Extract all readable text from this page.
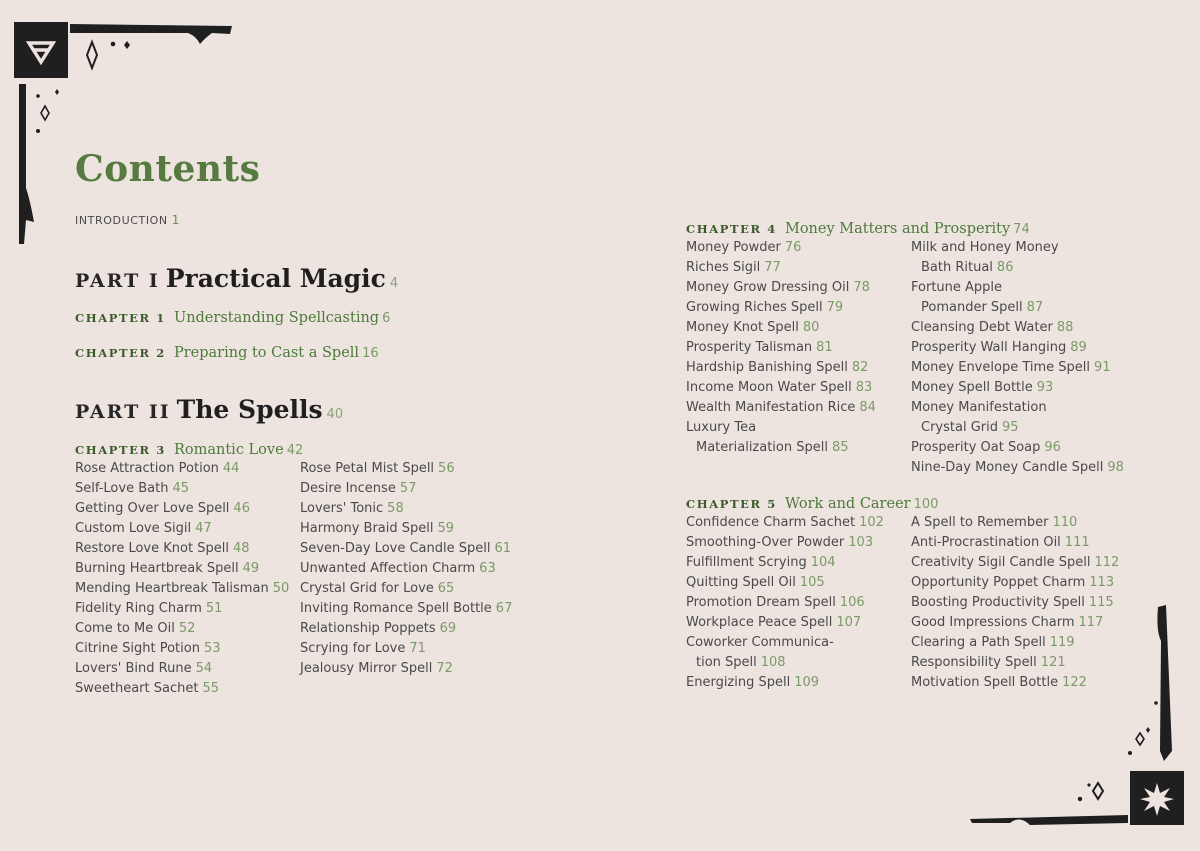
Contents
INTRODUCTION 1
PART I Practical Magic 4
CHAPTER 1 Understanding Spellcasting 6
CHAPTER 2 Preparing to Cast a Spell 16
PART II The Spells 40
CHAPTER 3 Romantic Love 42
Rose Attraction Potion 44
Self-Love Bath 45
Getting Over Love Spell 46
Custom Love Sigil 47
Restore Love Knot Spell 48
Burning Heartbreak Spell 49
Mending Heartbreak Talisman 50
Fidelity Ring Charm 51
Come to Me Oil 52
Citrine Sight Potion 53
Lovers' Bind Rune 54
Sweetheart Sachet 55
Rose Petal Mist Spell 56
Desire Incense 57
Lovers' Tonic 58
Harmony Braid Spell 59
Seven-Day Love Candle Spell 61
Unwanted Affection Charm 63
Crystal Grid for Love 65
Inviting Romance Spell Bottle 67
Relationship Poppets 69
Scrying for Love 71
Jealousy Mirror Spell 72
CHAPTER 4 Money Matters and Prosperity 74
Money Powder 76
Riches Sigil 77
Money Grow Dressing Oil 78
Growing Riches Spell 79
Money Knot Spell 80
Prosperity Talisman 81
Hardship Banishing Spell 82
Income Moon Water Spell 83
Wealth Manifestation Rice 84
Luxury Tea
Materialization Spell 85
Milk and Honey Money
Bath Ritual 86
Fortune Apple
Pomander Spell 87
Cleansing Debt Water 88
Prosperity Wall Hanging 89
Money Envelope Time Spell 91
Money Spell Bottle 93
Money Manifestation
Crystal Grid 95
Prosperity Oat Soap 96
Nine-Day Money Candle Spell 98
CHAPTER 5 Work and Career 100
Confidence Charm Sachet 102
Smoothing-Over Powder 103
Fulfillment Scrying 104
Quitting Spell Oil 105
Promotion Dream Spell 106
Workplace Peace Spell 107
Coworker Communica-
tion Spell 108
Energizing Spell 109
A Spell to Remember 110
Anti-Procrastination Oil 111
Creativity Sigil Candle Spell 112
Opportunity Poppet Charm 113
Boosting Productivity Spell 115
Good Impressions Charm 117
Clearing a Path Spell 119
Responsibility Spell 121
Motivation Spell Bottle 122
